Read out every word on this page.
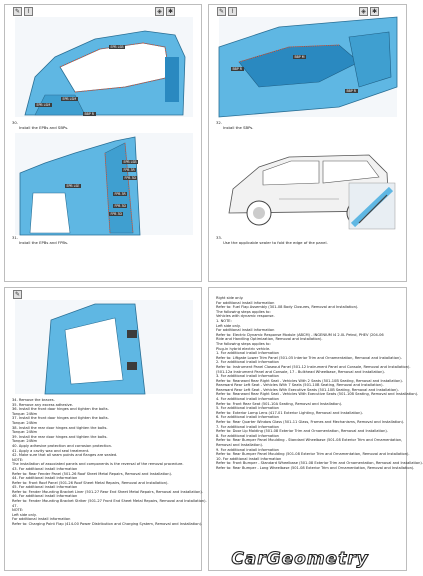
✎	⌇	◈	✱
EPB LSB
EPB LSM
EPB LSM
BBP R
30.
Install the EPBs and SBPs.
EPB LSB
FPB 3R
FPB 3D
EPB LSE
FPB 3R
FPB 3D
FPB 3D
31.
Install the EPBs and FPBs.
✎	⌇	◈	✱
BBP M
BBP R
BBP R
32.
Install the SBPs.
33.
Use the applicable sealer to fold the edge of the panel.
✎
34. Remove the braces.
35. Remove any excess adhesive.
36. Install the front door hinges and tighten the bolts.
Torque: 24Nm
37. Install the front door hinges and tighten the bolts.
Torque: 24Nm
38. Install the rear door hinges and tighten the bolts.
Torque: 24Nm
39. Install the rear door hinges and tighten the bolts.
Torque: 24Nm
40. Apply adhesive protection and corrosion protection.
41. Apply a cavity wax and seal treatment.
42. Make sure that all seam points and flanges are sealed.
NOTE:
The installation of associated panels and components is the reversal of the removal procedure.
43. For additional install information
Refer to: Rear Fender Panel (501-26 Roof Sheet Metal Repairs, Removal and Installation).
44. For additional install information
Refer to: Front Roof Panel (501-26 Roof Sheet Metal Repairs, Removal and Installation).
45. For additional install information
Refer to: Fender Mounting Bracket Liner (501-27 Rear End Sheet Metal Repairs, Removal and Installation).
46. For additional install information
Refer to: Fender Mounting Bracket Striker (501-27 Front End Sheet Metal Repairs, Removal and Installation).
47.
NOTE:
Left side only.
For additional install information
Refer to: Charging Point Flap (414-00 Power Distribution and Charging System, Removal and Installation).
Right side only.
For additional install information
Refer to: Fuel Flap Assembly (301-08 Body Closures, Removal and Installation).
The following steps applies to:
Vehicles with dynamic response.
1. NOTE:
Left side only.
For additional install information
Refer to: Electric Dynamic Response Module (ABCM) - INGENIUM I4 2.0L Petrol, PHEV (204-06
Ride and Handling Optimization, Removal and Installation).
The following steps applies to:
Plug-in hybrid electric vehicle.
1. For additional install information
Refer to: Liftgate Lower Trim Panel (501-05 Interior Trim and Ornamentation, Removal and Installation).
2. For additional install information
Refer to: Instrument Panel Closeout Panel (501-12 Instrument Panel and Console, Removal and Installation).
(501-12a Instrument Panel and Console, 17 - Bulkhead Wheelbase, Removal and Installation).
3. For additional install information
Refer to: Rearward Rear Right Seat - Vehicles With 2 Seats (501-10B Seating, Removal and Installation).
Rearward Rear Left Seat - Vehicles With 7 Seats (501-10B Seating, Removal and Installation).
Rearward Rear Left Seat - Vehicles With Executive Seats (501-10B Seating, Removal and Installation).
Refer to: Rearward Rear Right Seat - Vehicles With Executive Seats (501-10B Seating, Removal and Installation).
4. For additional install information
Refer to: Front Rear Seat (501-10A Seating, Removal and Installation).
5. For additional install information
Refer to: Exterior Lamp Lens (417-01 Exterior Lighting, Removal and Installation).
6. For additional install information
Refer to: Rear Quarter Window Glass (501-11 Glass, Frames and Mechanisms, Removal and Installation).
7. For additional install information
Refer to: Door Lip Molding (501-08 Exterior Trim and Ornamentation, Removal and Installation).
8. For additional install information
Refer to: Rear Bumper Panel Moulding - Standard Wheelbase (501-08 Exterior Trim and Ornamentation,
Removal and Installation).
9. For additional install information
Refer to: Rear Bumper Panel Moulding (501-08 Exterior Trim and Ornamentation, Removal and Installation).
10. For additional install information
Refer to: Front Bumper - Standard Wheelbase (501-08 Exterior Trim and Ornamentation, Removal and Installation).
Refer to: Rear Bumper - Long Wheelbase (501-08 Exterior Trim and Ornamentation, Removal and Installation).
CarGeometry
